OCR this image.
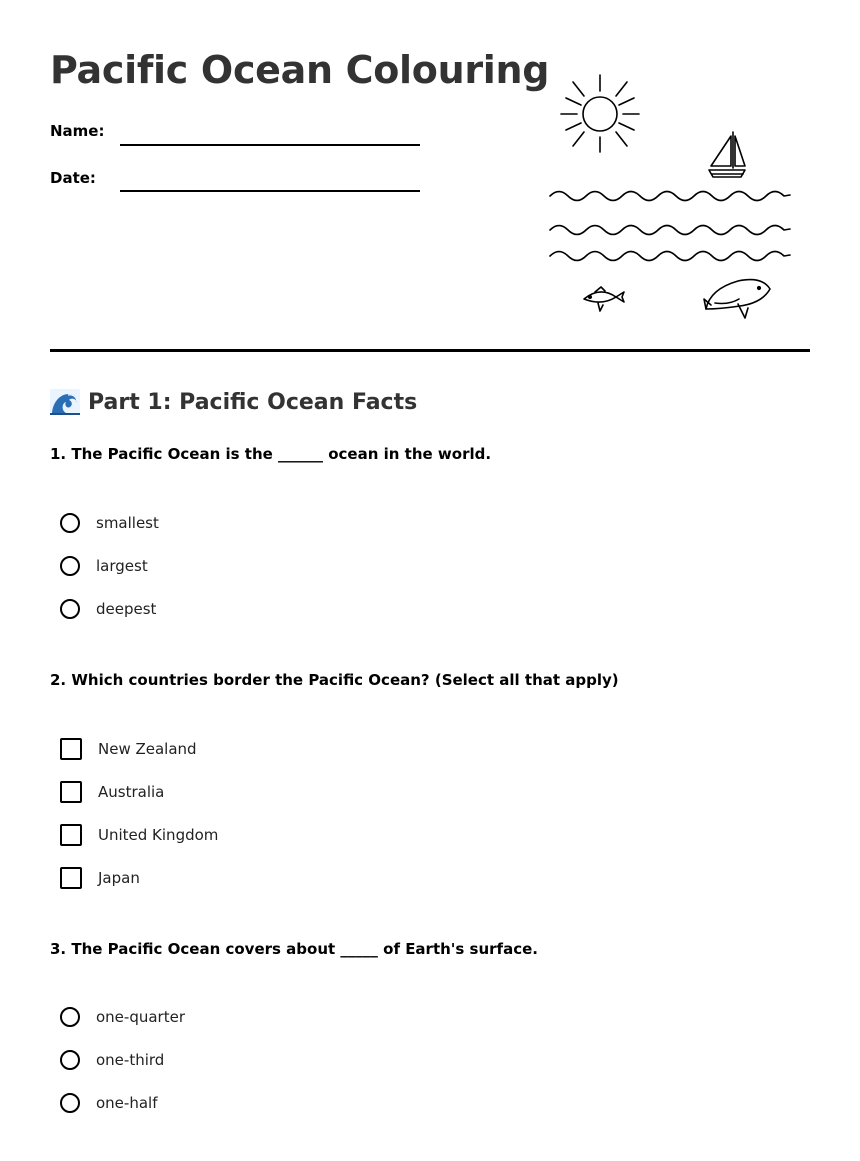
Pacific Ocean Colouring
Name:
Date:
Part 1: Pacific Ocean Facts

1. The Pacific Ocean is the ______ ocean in the world.

smallest
largest
deepest

2. Which countries border the Pacific Ocean? (Select all that apply)

New Zealand
Australia
United Kingdom
Japan

3. The Pacific Ocean covers about _____ of Earth's surface.

one-quarter
one-third
one-half
